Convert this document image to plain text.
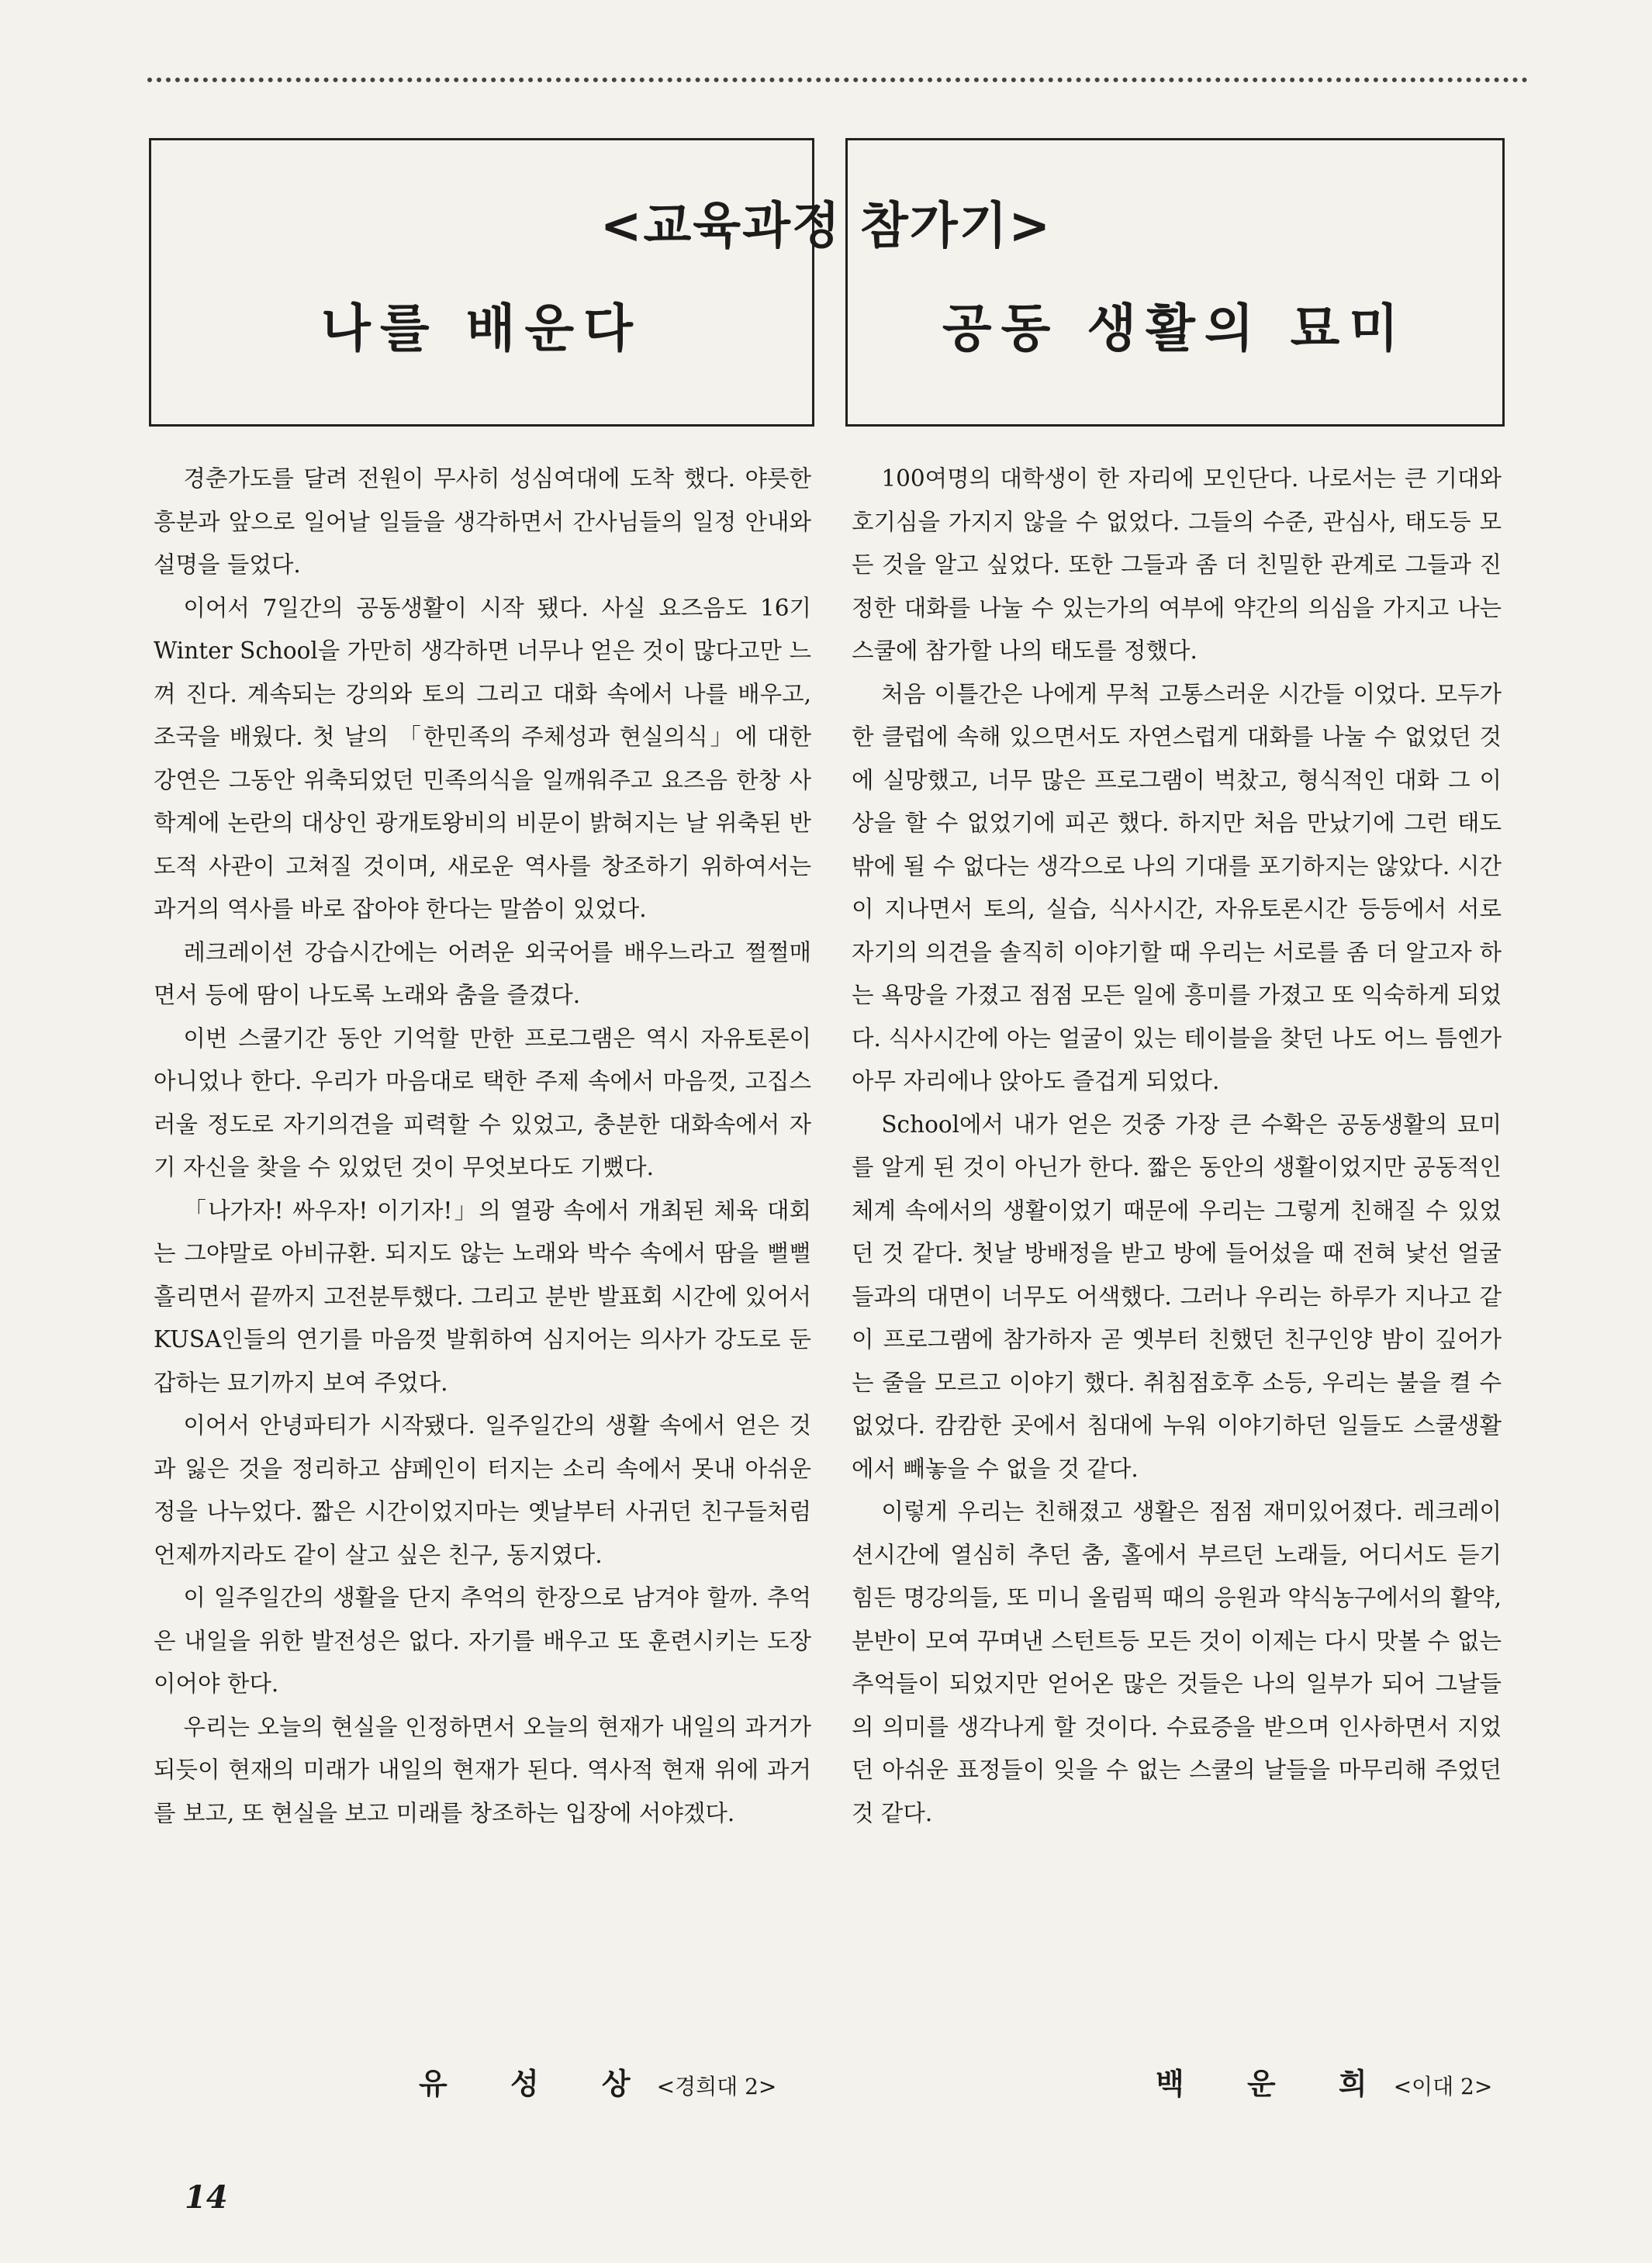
<교육과정 참가기>
나를 배운다	공동 생활의 묘미

경춘가도를 달려 전원이 무사히 성심여대에 도착 했다. 야릇한 흥분과 앞으로 일어날 일들을 생각하면서 간사님들의 일정 안내와 설명을 들었다.

이어서 7일간의 공동생활이 시작 됐다. 사실 요즈음도 16기 Winter School을 가만히 생각하면 너무나 얻은 것이 많다고만 느껴 진다. 계속되는 강의와 토의 그리고 대화 속에서 나를 배우고, 조국을 배웠다. 첫 날의 「한민족의 주체성과 현실의식」에 대한 강연은 그동안 위축되었던 민족의식을 일깨워주고 요즈음 한창 사학계에 논란의 대상인 광개토왕비의 비문이 밝혀지는 날 위축된 반도적 사관이 고쳐질 것이며, 새로운 역사를 창조하기 위하여서는 과거의 역사를 바로 잡아야 한다는 말씀이 있었다.

레크레이션 강습시간에는 어려운 외국어를 배우느라고 쩔쩔매면서 등에 땀이 나도록 노래와 춤을 즐겼다.

이번 스쿨기간 동안 기억할 만한 프로그램은 역시 자유토론이 아니었나 한다. 우리가 마음대로 택한 주제 속에서 마음껏, 고집스러울 정도로 자기의견을 피력할 수 있었고, 충분한 대화속에서 자기 자신을 찾을 수 있었던 것이 무엇보다도 기뻤다.

「나가자! 싸우자! 이기자!」의 열광 속에서 개최된 체육 대회는 그야말로 아비규환. 되지도 않는 노래와 박수 속에서 땀을 뻘뻘 흘리면서 끝까지 고전분투했다. 그리고 분반 발표회 시간에 있어서 KUSA인들의 연기를 마음껏 발휘하여 심지어는 의사가 강도로 둔갑하는 묘기까지 보여 주었다.

이어서 안녕파티가 시작됐다. 일주일간의 생활 속에서 얻은 것과 잃은 것을 정리하고 샴페인이 터지는 소리 속에서 못내 아쉬운 정을 나누었다. 짧은 시간이었지마는 옛날부터 사귀던 친구들처럼 언제까지라도 같이 살고 싶은 친구, 동지였다.

이 일주일간의 생활을 단지 추억의 한장으로 남겨야 할까. 추억은 내일을 위한 발전성은 없다. 자기를 배우고 또 훈련시키는 도장이어야 한다.

우리는 오늘의 현실을 인정하면서 오늘의 현재가 내일의 과거가 되듯이 현재의 미래가 내일의 현재가 된다. 역사적 현재 위에 과거를 보고, 또 현실을 보고 미래를 창조하는 입장에 서야겠다.

100여명의 대학생이 한 자리에 모인단다. 나로서는 큰 기대와 호기심을 가지지 않을 수 없었다. 그들의 수준, 관심사, 태도등 모든 것을 알고 싶었다. 또한 그들과 좀 더 친밀한 관계로 그들과 진정한 대화를 나눌 수 있는가의 여부에 약간의 의심을 가지고 나는 스쿨에 참가할 나의 태도를 정했다.

처음 이틀간은 나에게 무척 고통스러운 시간들 이었다. 모두가 한 클럽에 속해 있으면서도 자연스럽게 대화를 나눌 수 없었던 것에 실망했고, 너무 많은 프로그램이 벅찼고, 형식적인 대화 그 이상을 할 수 없었기에 피곤 했다. 하지만 처음 만났기에 그런 태도 밖에 될 수 없다는 생각으로 나의 기대를 포기하지는 않았다. 시간이 지나면서 토의, 실습, 식사시간, 자유토론시간 등등에서 서로 자기의 의견을 솔직히 이야기할 때 우리는 서로를 좀 더 알고자 하는 욕망을 가졌고 점점 모든 일에 흥미를 가졌고 또 익숙하게 되었다. 식사시간에 아는 얼굴이 있는 테이블을 찾던 나도 어느 틈엔가 아무 자리에나 앉아도 즐겁게 되었다.

School에서 내가 얻은 것중 가장 큰 수확은 공동생활의 묘미를 알게 된 것이 아닌가 한다. 짧은 동안의 생활이었지만 공동적인 체계 속에서의 생활이었기 때문에 우리는 그렇게 친해질 수 있었던 것 같다. 첫날 방배정을 받고 방에 들어섰을 때 전혀 낯선 얼굴들과의 대면이 너무도 어색했다. 그러나 우리는 하루가 지나고 같이 프로그램에 참가하자 곧 옛부터 친했던 친구인양 밤이 깊어가는 줄을 모르고 이야기 했다. 취침점호후 소등, 우리는 불을 켤 수 없었다. 캄캄한 곳에서 침대에 누워 이야기하던 일들도 스쿨생활에서 빼놓을 수 없을 것 같다.

이렇게 우리는 친해졌고 생활은 점점 재미있어졌다. 레크레이션시간에 열심히 추던 춤, 홀에서 부르던 노래들, 어디서도 듣기 힘든 명강의들, 또 미니 올림픽 때의 응원과 약식농구에서의 활약, 분반이 모여 꾸며낸 스턴트등 모든 것이 이제는 다시 맛볼 수 없는 추억들이 되었지만 얻어온 많은 것들은 나의 일부가 되어 그날들의 의미를 생각나게 할 것이다. 수료증을 받으며 인사하면서 지었던 아쉬운 표정들이 잊을 수 없는 스쿨의 날들을 마무리해 주었던 것 같다.

유 성 상<경희대 2>	백 운 희<이대 2>
14
